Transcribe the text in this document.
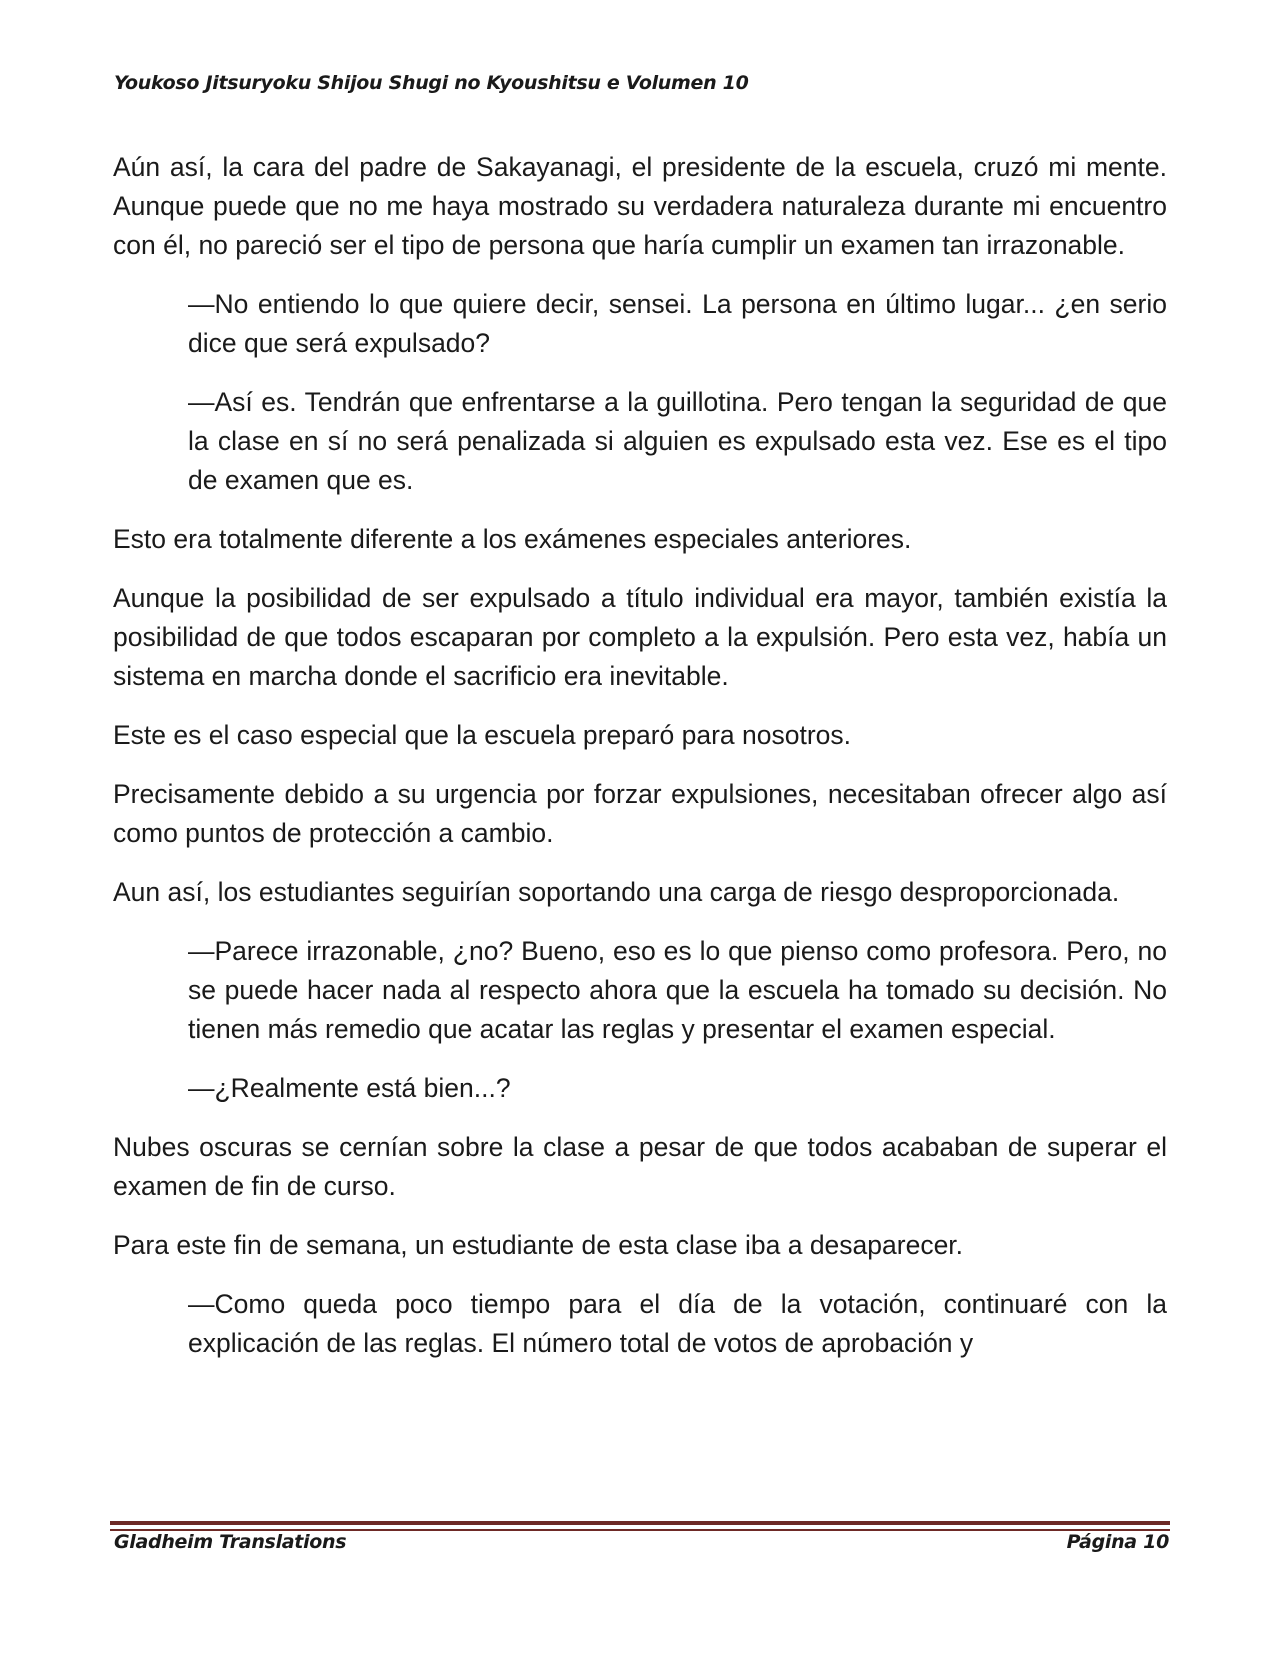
Youkoso Jitsuryoku Shijou Shugi no Kyoushitsu e Volumen 10

Aún así, la cara del padre de Sakayanagi, el presidente de la escuela, cruzó mi mente. Aunque puede que no me haya mostrado su verdadera naturaleza durante mi encuentro con él, no pareció ser el tipo de persona que haría cumplir un examen tan irrazonable.

—No entiendo lo que quiere decir, sensei. La persona en último lugar... ¿en serio dice que será expulsado?

—Así es. Tendrán que enfrentarse a la guillotina. Pero tengan la seguridad de que la clase en sí no será penalizada si alguien es expulsado esta vez. Ese es el tipo de examen que es.

Esto era totalmente diferente a los exámenes especiales anteriores.

Aunque la posibilidad de ser expulsado a título individual era mayor, también existía la posibilidad de que todos escaparan por completo a la expulsión. Pero esta vez, había un sistema en marcha donde el sacrificio era inevitable.

Este es el caso especial que la escuela preparó para nosotros.

Precisamente debido a su urgencia por forzar expulsiones, necesitaban ofrecer algo así como puntos de protección a cambio.

Aun así, los estudiantes seguirían soportando una carga de riesgo desproporcionada.

—Parece irrazonable, ¿no? Bueno, eso es lo que pienso como profesora. Pero, no se puede hacer nada al respecto ahora que la escuela ha tomado su decisión. No tienen más remedio que acatar las reglas y presentar el examen especial.

—¿Realmente está bien...?

Nubes oscuras se cernían sobre la clase a pesar de que todos acababan de superar el examen de fin de curso.

Para este fin de semana, un estudiante de esta clase iba a desaparecer.

—Como queda poco tiempo para el día de la votación, continuaré con la explicación de las reglas. El número total de votos de aprobación y

Gladheim Translations	Página 10
